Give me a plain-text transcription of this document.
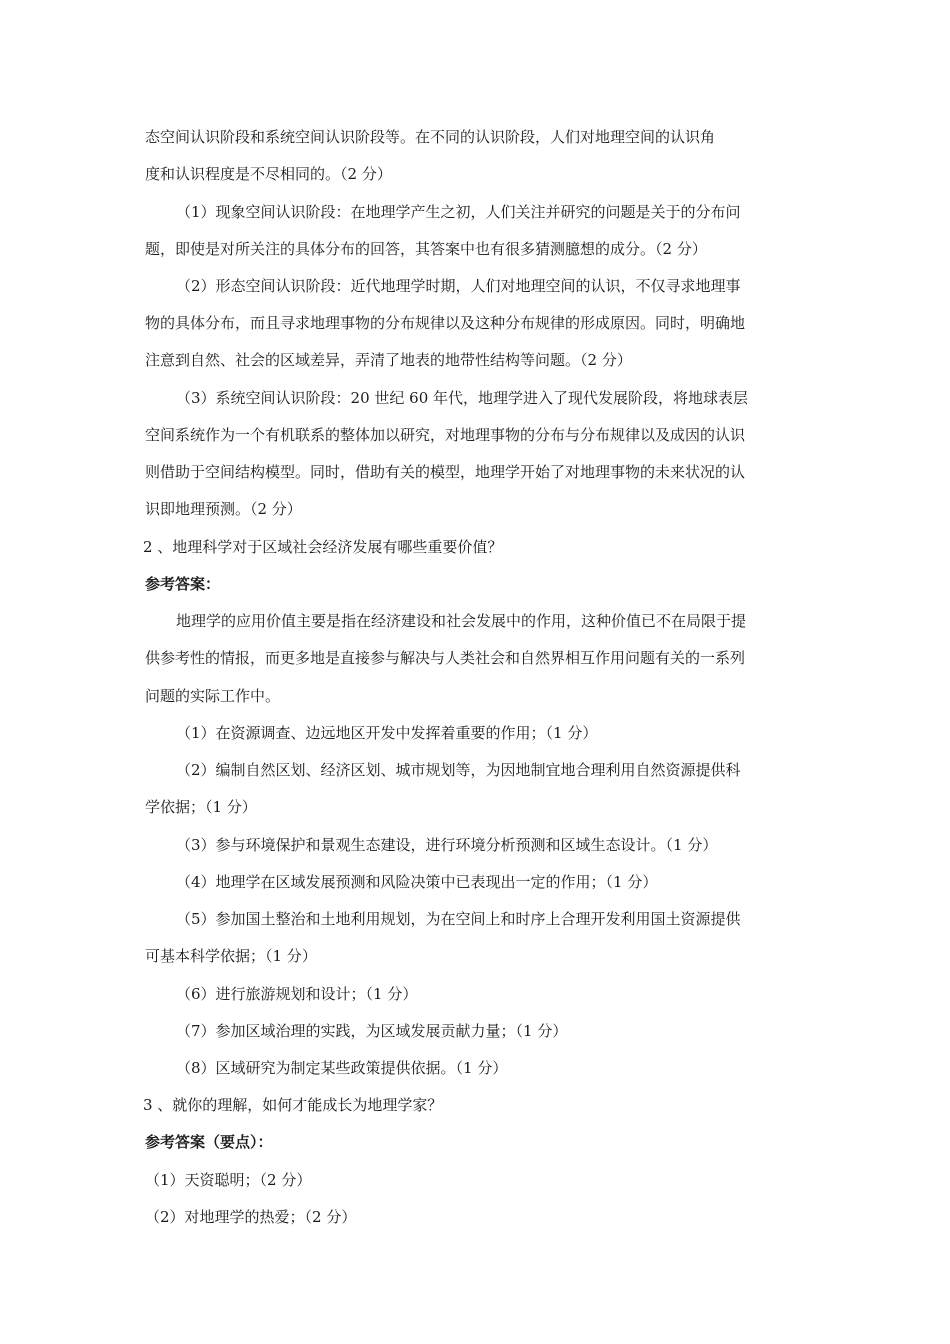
态空间认识阶段和系统空间认识阶段等。在不同的认识阶段，人们对地理空间的认识角
度和认识程度是不尽相同的。（2 分）
（1）现象空间认识阶段：在地理学产生之初，人们关注并研究的问题是关于的分布问
题，即使是对所关注的具体分布的回答，其答案中也有很多猜测臆想的成分。（2 分）
（2）形态空间认识阶段：近代地理学时期，人们对地理空间的认识，不仅寻求地理事
物的具体分布，而且寻求地理事物的分布规律以及这种分布规律的形成原因。同时，明确地
注意到自然、社会的区域差异，弄清了地表的地带性结构等问题。（2 分）
（3）系统空间认识阶段：20 世纪 60 年代，地理学进入了现代发展阶段，将地球表层
空间系统作为一个有机联系的整体加以研究，对地理事物的分布与分布规律以及成因的认识
则借助于空间结构模型。同时，借助有关的模型，地理学开始了对地理事物的未来状况的认
识即地理预测。（2 分）
2 、地理科学对于区域社会经济发展有哪些重要价值？
参考答案：
地理学的应用价值主要是指在经济建设和社会发展中的作用，这种价值已不在局限于提
供参考性的情报，而更多地是直接参与解决与人类社会和自然界相互作用问题有关的一系列
问题的实际工作中。
（1）在资源调查、边远地区开发中发挥着重要的作用；（1 分）
（2）编制自然区划、经济区划、城市规划等，为因地制宜地合理利用自然资源提供科
学依据；（1 分）
（3）参与环境保护和景观生态建设，进行环境分析预测和区域生态设计。（1 分）
（4）地理学在区域发展预测和风险决策中已表现出一定的作用；（1 分）
（5）参加国土整治和土地利用规划，为在空间上和时序上合理开发利用国土资源提供
可基本科学依据；（1 分）
（6）进行旅游规划和设计；（1 分）
（7）参加区域治理的实践，为区域发展贡献力量；（1 分）
（8）区域研究为制定某些政策提供依据。（1 分）
3 、就你的理解，如何才能成长为地理学家？
参考答案（要点）：
（1）天资聪明；（2 分）
（2）对地理学的热爱；（2 分）
